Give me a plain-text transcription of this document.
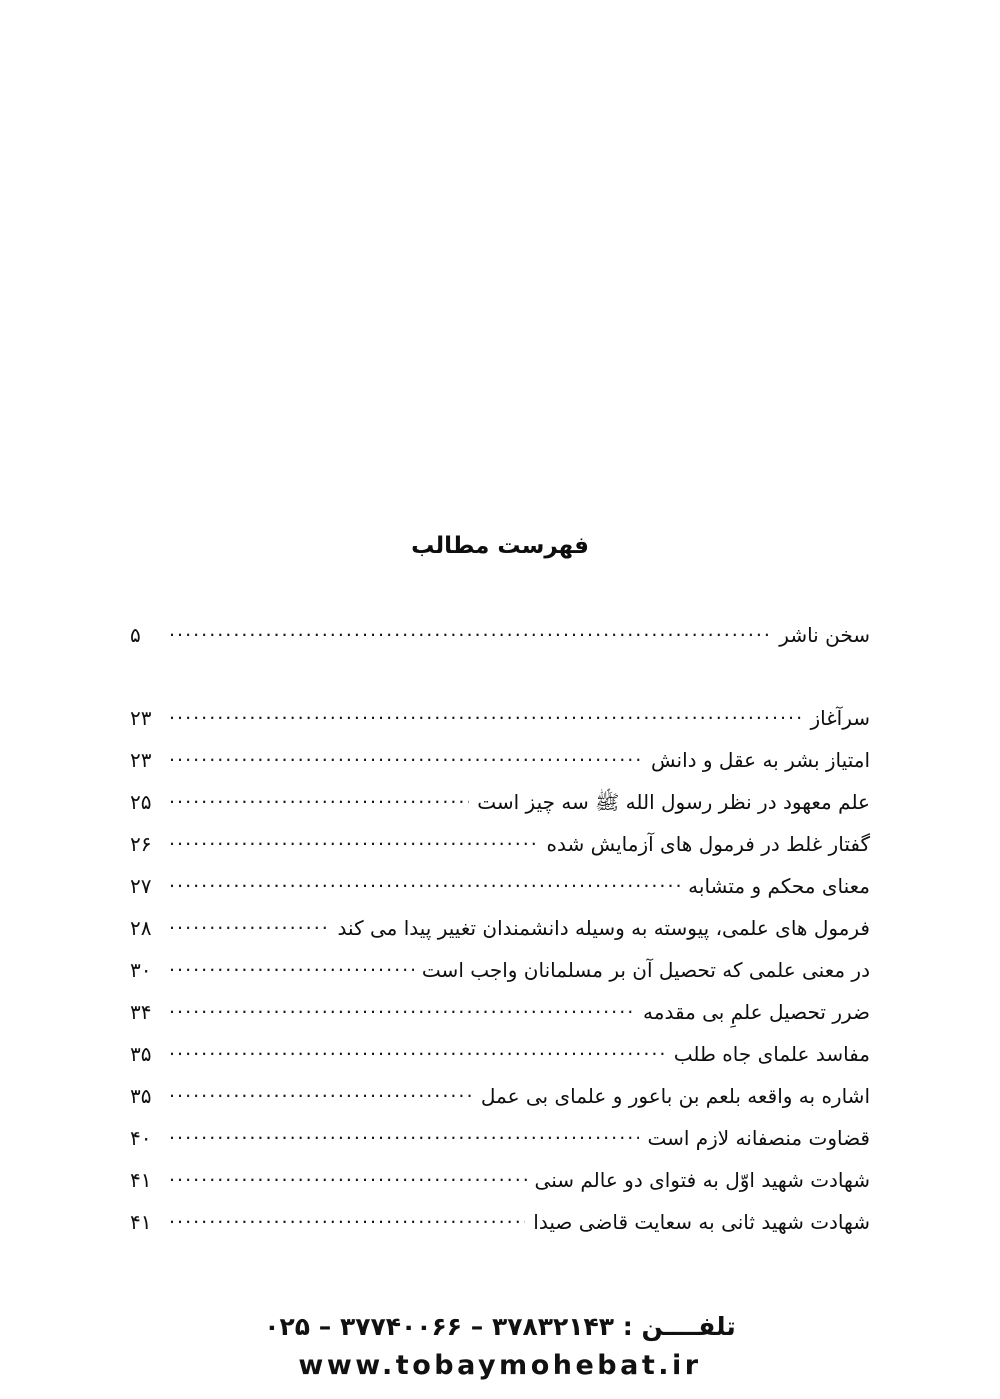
فهرست مطالب
سخن ناشر
.....
۵
سرآغاز
.....
۲۳
امتیاز بشر به عقل و دانش
.....
۲۳
علم معهود در نظر رسول الله ﷺ سه چیز است
.....
۲۵
گفتار غلط در فرمول های آزمایش شده
.....
۲۶
معنای محکم و متشابه
.....
۲۷
فرمول های علمی، پیوسته به وسیله دانشمندان تغییر پیدا می کند
.....
۲۸
در معنی علمی که تحصیل آن بر مسلمانان واجب است
.....
۳۰
ضرر تحصیل علمِ بی مقدمه
.....
۳۴
مفاسد علمای جاه طلب
.....
۳۵
اشاره به واقعه بلعم بن باعور و علمای بی عمل
.....
۳۵
قضاوت منصفانه لازم است
.....
۴۰
شهادت شهید اوّل به فتوای دو عالم سنی
.....
۴۱
شهادت شهید ثانی به سعایت قاضی صیدا
.....
۴۱
تلفــــن : ۳۷۸۳۲۱۴۳ – ۳۷۷۴۰۰۶۶ – ۰۲۵
www.tobaymohebat.ir
